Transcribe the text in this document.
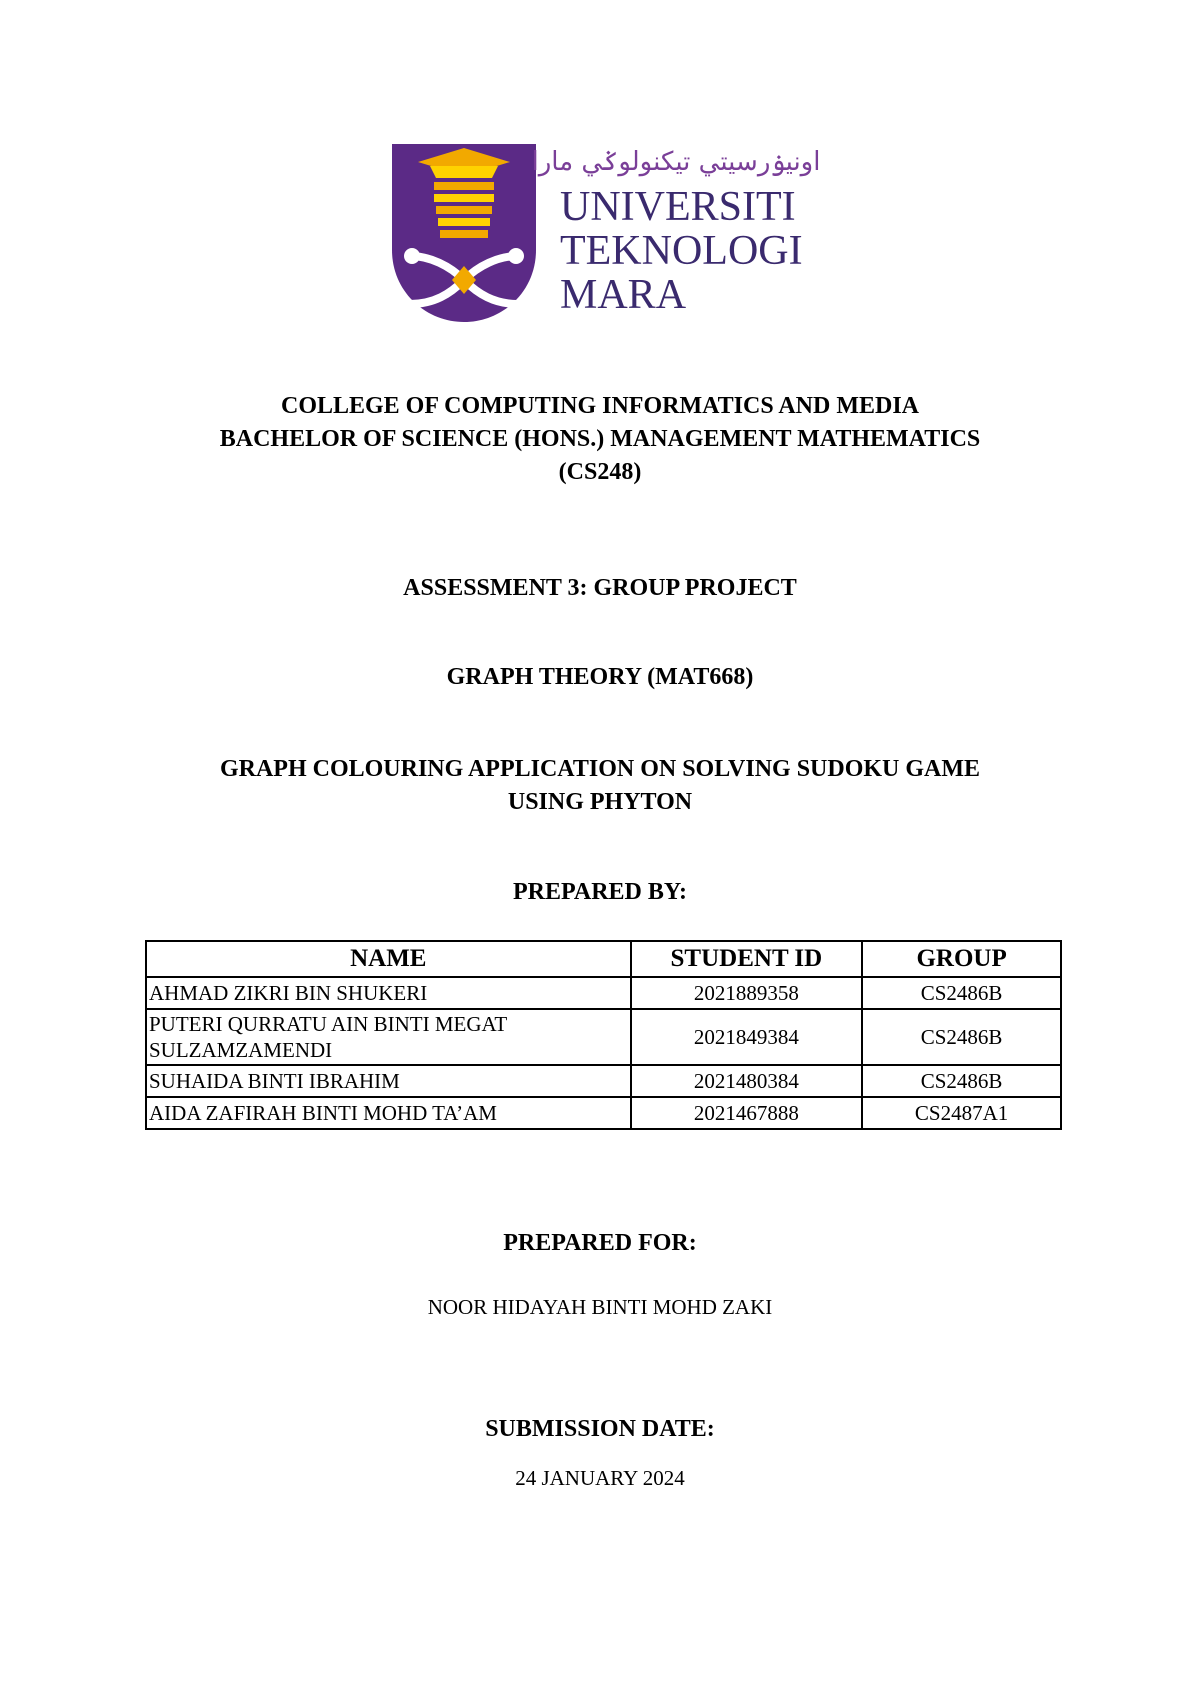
اونيۏرسيتي تيكنولوݢي مارا
UNIVERSITI
TEKNOLOGI
MARA
COLLEGE OF COMPUTING INFORMATICS AND MEDIA
BACHELOR OF SCIENCE (HONS.) MANAGEMENT MATHEMATICS
(CS248)
ASSESSMENT 3: GROUP PROJECT
GRAPH THEORY (MAT668)
GRAPH COLOURING APPLICATION ON SOLVING SUDOKU GAME
USING PHYTON
PREPARED BY:
NAME	STUDENT ID	GROUP
AHMAD ZIKRI BIN SHUKERI	2021889358	CS2486B
PUTERI QURRATU AIN BINTI MEGAT SULZAMZAMENDI	2021849384	CS2486B
SUHAIDA BINTI IBRAHIM	2021480384	CS2486B
AIDA ZAFIRAH BINTI MOHD TA’AM	2021467888	CS2487A1
PREPARED FOR:
NOOR HIDAYAH BINTI MOHD ZAKI
SUBMISSION DATE:
24 JANUARY 2024
